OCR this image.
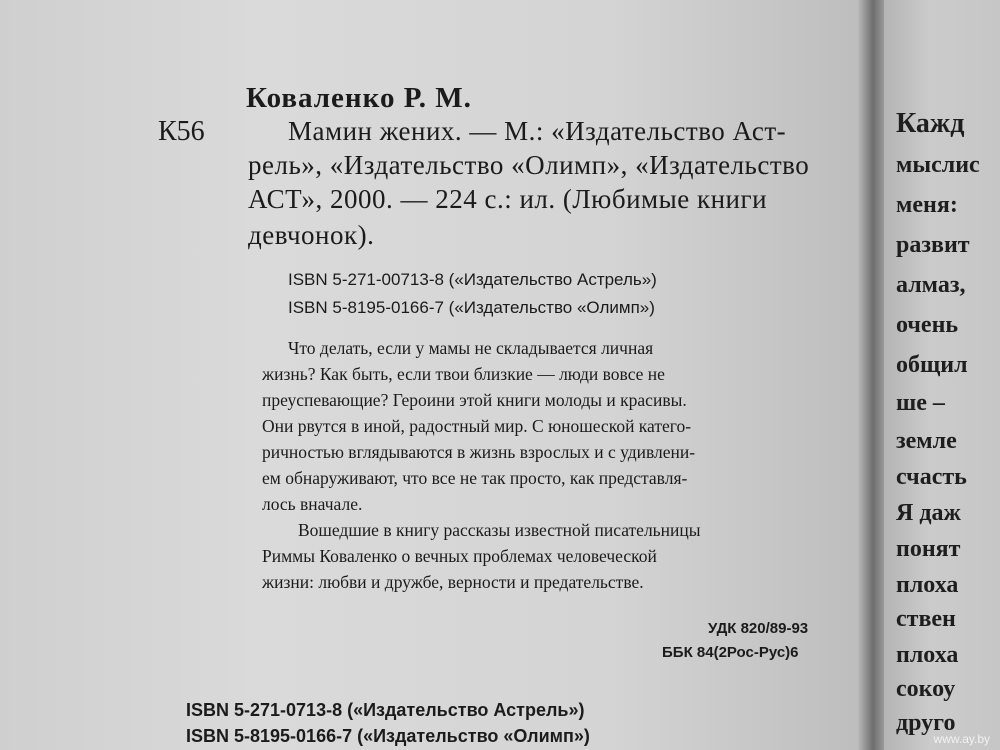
Коваленко Р. М.
К56	Мамин жених. — М.: «Издательство Аст-
рель», «Издательство «Олимп», «Издательство
АСТ», 2000. — 224 с.: ил. (Любимые книги
девчонок).
ISBN 5-271-00713-8 («Издательство Астрель»)
ISBN 5-8195-0166-7 («Издательство «Олимп»)
Что делать, если у мамы не складывается личная
жизнь? Как быть, если твои близкие — люди вовсе не
преуспевающие? Героини этой книги молоды и красивы.
Они рвутся в иной, радостный мир. С юношеской катего-
ричностью вглядываются в жизнь взрослых и с удивлени-
ем обнаруживают, что все не так просто, как представля-
лось вначале.
Вошедшие в книгу рассказы известной писательницы
Риммы Коваленко о вечных проблемах человеческой
жизни: любви и дружбе, верности и предательстве.
УДК 820/89-93
ББК 84(2Рос-Рус)6
ISBN 5-271-0713-8 («Издательство Астрель»)
ISBN 5-8195-0166-7 («Издательство «Олимп»)
Кажд
мыслис
меня:
развит
алмаз,
очень
общил
ше –
земле
счасть
Я даж
понят
плоха
ствен
плоха
сокоу
друго
www.ay.by
